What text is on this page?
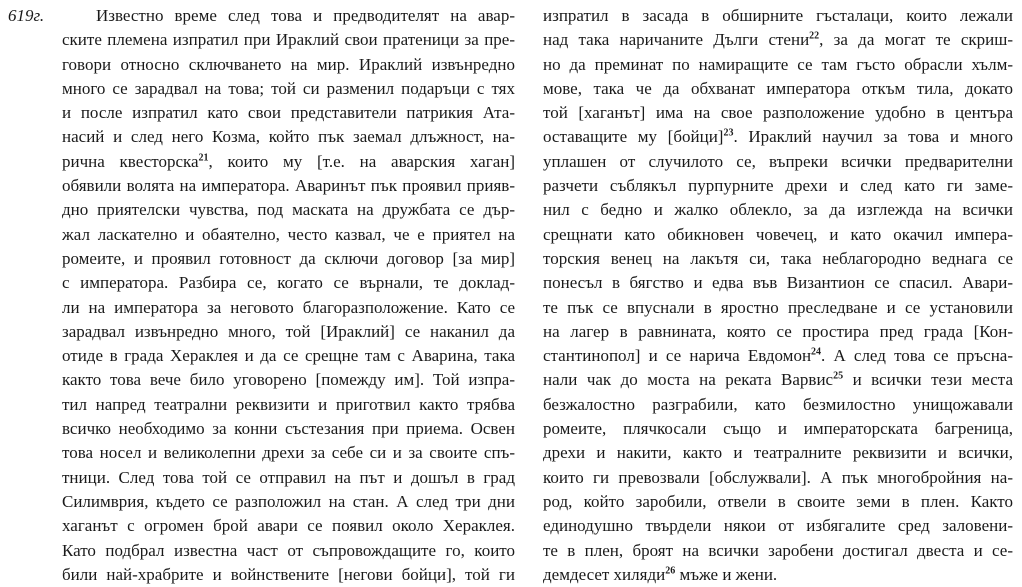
619г.	Известно време след това и предводителят на авар-
ските племена изпратил при Ираклий свои пратеници за пре-
говори относно сключването на мир. Ираклий извънредно
много се зарадвал на това; той си разменил подаръци с тях
и после изпратил като свои представители патрикия Ата-
насий и след него Козма, който пък заемал длъжност, на-
рична квесторска$^{21}$, които му [т.е. на аварския хаган]
обявили волята на императора. Аваринът пък проявил прияв-
дно приятелски чувства, под маската на дружбата се дър-
жал ласкателно и обаятелно, често казвал, че е приятел на
ромеите, и проявил готовност да сключи договор [за мир]
с императора. Разбира се, когато се върнали, те доклад-
ли на императора за неговото благоразположение. Като се
зарадвал извънредно много, той [Ираклий] се наканил да
отиде в града Хераклея и да се срещне там с Аварина, така
както това вече било уговорено [помежду им]. Той изпра-
тил напред театрални реквизити и приготвил както трябва
всичко необходимо за конни състезания при приема. Освен
това носел и великолепни дрехи за себе си и за своите спъ-
тници. След това той се отправил на път и дошъл в град
Силимврия, където се разположил на стан. А след три дни
хаганът с огромен брой авари се появил около Хераклея.
Като подбрал известна част от съпровождащите го, които
били най-храбрите и войнствените [негови бойци], той ги
изпратил в засада в обширните гъсталаци, които лежали
над така наричаните Дълги стени$^{22}$, за да могат те скриш-
но да преминат по намиращите се там гъсто обрасли хълм-
мове, така че да обхванат императора откъм тила, докато
той [хаганът] има на свое разположение удобно в центъра
оставащите му [бойци]$^{23}$. Ираклий научил за това и много
уплашен от случилото се, въпреки всички предварителни
разчети съблякъл пурпурните дрехи и след като ги заме-
нил с бедно и жалко облекло, за да изглежда на всички
срещнати като обикновен човечец, и като окачил импера-
торския венец на лакътя си, така неблагородно веднага се
понесъл в бягство и едва във Византион се спасил. Авари-
те пък се впуснали в яростно преследване и се установили
на лагер в равнината, която се простира пред града [Кон-
стантинопол] и се нарича Евдомон$^{24}$. А след това се пръсна-
нали чак до моста на реката Варвис$^{25}$ и всички тези места
безжалостно разграбили, като безмилостно унищожавали
ромеите, плячкосали също и императорската багреница,
дрехи и накити, както и театралните реквизити и всички,
които ги превозвали [обслужвали]. А пък многобройния на-
род, който заробили, отвели в своите земи в плен. Както
единодушно твърдели някои от избягалите сред заловени-
те в плен, броят на всички заробени достигал двеста и се-
демдесет хиляди$^{26}$ мъже и жени.
